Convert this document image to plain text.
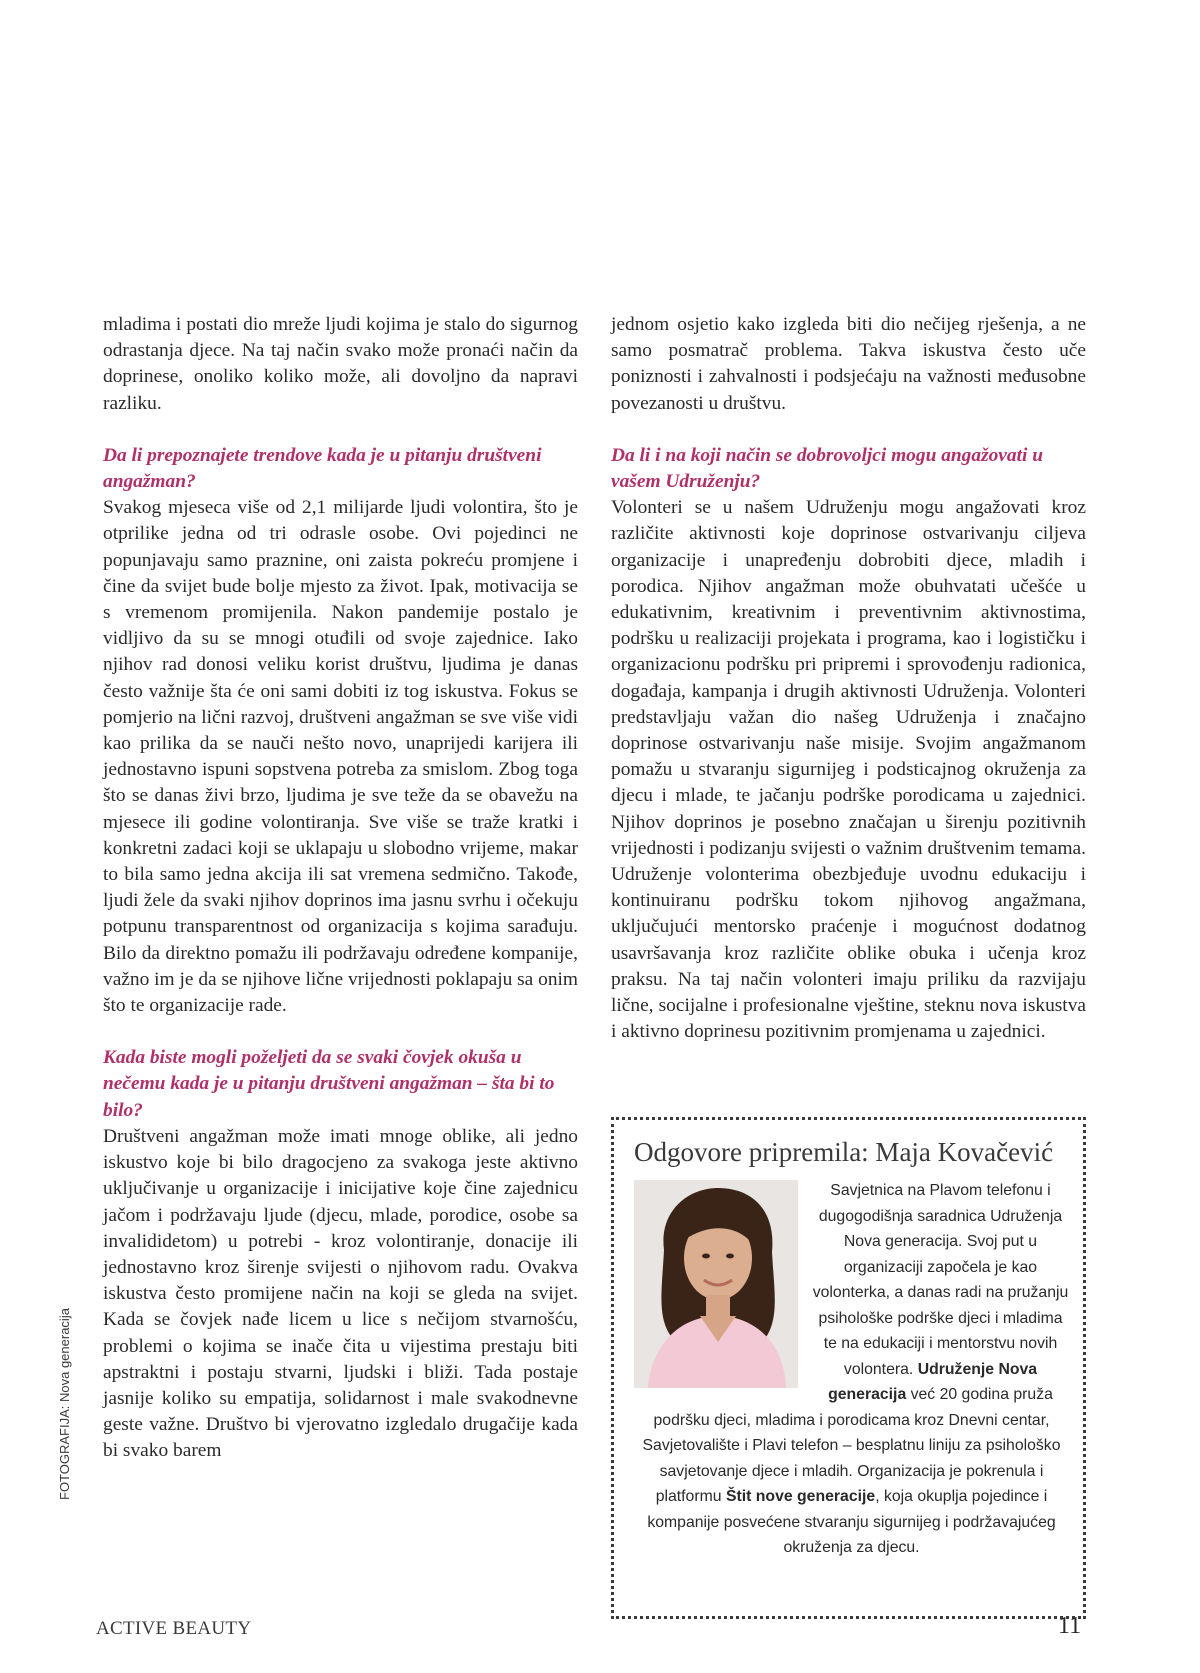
mladima i postati dio mreže ljudi kojima je stalo do sigurnog odrastanja djece. Na taj način svako može pronaći način da doprinese, onoliko koliko može, ali dovoljno da napravi razliku.

Da li prepoznajete trendove kada je u pitanju društveni angažman?

Svakog mjeseca više od 2,1 milijarde ljudi volontira, što je otprilike jedna od tri odrasle osobe. Ovi pojedinci ne popunjavaju samo praznine, oni zaista pokreću promjene i čine da svijet bude bolje mjesto za život. Ipak, motivacija se s vremenom promijenila. Nakon pandemije postalo je vidljivo da su se mnogi otuđili od svoje zajednice. Iako njihov rad donosi veliku korist društvu, ljudima je danas često važnije šta će oni sami dobiti iz tog iskustva. Fokus se pomjerio na lični razvoj, društveni angažman se sve više vidi kao prilika da se nauči nešto novo, unaprijedi karijera ili jednostavno ispuni sopstvena potreba za smislom. Zbog toga što se danas živi brzo, ljudima je sve teže da se obavežu na mjesece ili godine volontiranja. Sve više se traže kratki i konkretni zadaci koji se uklapaju u slobodno vrijeme, makar to bila samo jedna akcija ili sat vremena sedmično. Takođe, ljudi žele da svaki njihov doprinos ima jasnu svrhu i očekuju potpunu transparentnost od organizacija s kojima sarađuju. Bilo da direktno pomažu ili podržavaju određene kompanije, važno im je da se njihove lične vrijednosti poklapaju sa onim što te organizacije rade.

Kada biste mogli poželjeti da se svaki čovjek okuša u nečemu kada je u pitanju društveni angažman – šta bi to bilo?

Društveni angažman može imati mnoge oblike, ali jedno iskustvo koje bi bilo dragocjeno za svakoga jeste aktivno uključivanje u organizacije i inicijative koje čine zajednicu jačom i podržavaju ljude (djecu, mlade, porodice, osobe sa invalididetom) u potrebi - kroz volontiranje, donacije ili jednostavno kroz širenje svijesti o njihovom radu. Ovakva iskustva često promijene način na koji se gleda na svijet. Kada se čovjek nađe licem u lice s nečijom stvarnošću, problemi o kojima se inače čita u vijestima prestaju biti apstraktni i postaju stvarni, ljudski i bliži. Tada postaje jasnije koliko su empatija, solidarnost i male svakodnevne geste važne. Društvo bi vjerovatno izgledalo drugačije kada bi svako barem

jednom osjetio kako izgleda biti dio nečijeg rješenja, a ne samo posmatrač problema. Takva iskustva često uče poniznosti i zahvalnosti i podsjećaju na važnosti međusobne povezanosti u društvu.

Da li i na koji način se dobrovoljci mogu angažovati u vašem Udruženju?

Volonteri se u našem Udruženju mogu angažovati kroz različite aktivnosti koje doprinose ostvarivanju ciljeva organizacije i unapređenju dobrobiti djece, mladih i porodica. Njihov angažman može obuhvatati učešće u edukativnim, kreativnim i preventivnim aktivnostima, podršku u realizaciji projekata i programa, kao i logističku i organizacionu podršku pri pripremi i sprovođenju radionica, događaja, kampanja i drugih aktivnosti Udruženja. Volonteri predstavljaju važan dio našeg Udruženja i značajno doprinose ostvarivanju naše misije. Svojim angažmanom pomažu u stvaranju sigurnijeg i podsticajnog okruženja za djecu i mlade, te jačanju podrške porodicama u zajednici. Njihov doprinos je posebno značajan u širenju pozitivnih vrijednosti i podizanju svijesti o važnim društvenim temama. Udruženje volonterima obezbjeđuje uvodnu edukaciju i kontinuiranu podršku tokom njihovog angažmana, uključujući mentorsko praćenje i mogućnost dodatnog usavršavanja kroz različite oblike obuka i učenja kroz praksu. Na taj način volonteri imaju priliku da razvijaju lične, socijalne i profesionalne vještine, steknu nova iskustva i aktivno doprinesu pozitivnim promjenama u zajednici.

Odgovore pripremila: Maja Kovačević

Savjetnica na Plavom telefonu i dugogodišnja saradnica Udruženja Nova generacija. Svoj put u organizaciji započela je kao volonterka, a danas radi na pružanju psihološke podrške djeci i mladima te na edukaciji i mentorstvu novih volontera. Udruženje Nova generacija već 20 godina pruža podršku djeci, mladima i porodicama kroz Dnevni centar, Savjetovalište i Plavi telefon – besplatnu liniju za psihološko savjetovanje djece i mladih. Organizacija je pokrenula i platformu Štit nove generacije, koja okuplja pojedince i kompanije posvećene stvaranju sigurnijeg i podržavajućeg okruženja za djecu.

FOTOGRAFIJA: Nova generacija
ACTIVE BEAUTY	11
